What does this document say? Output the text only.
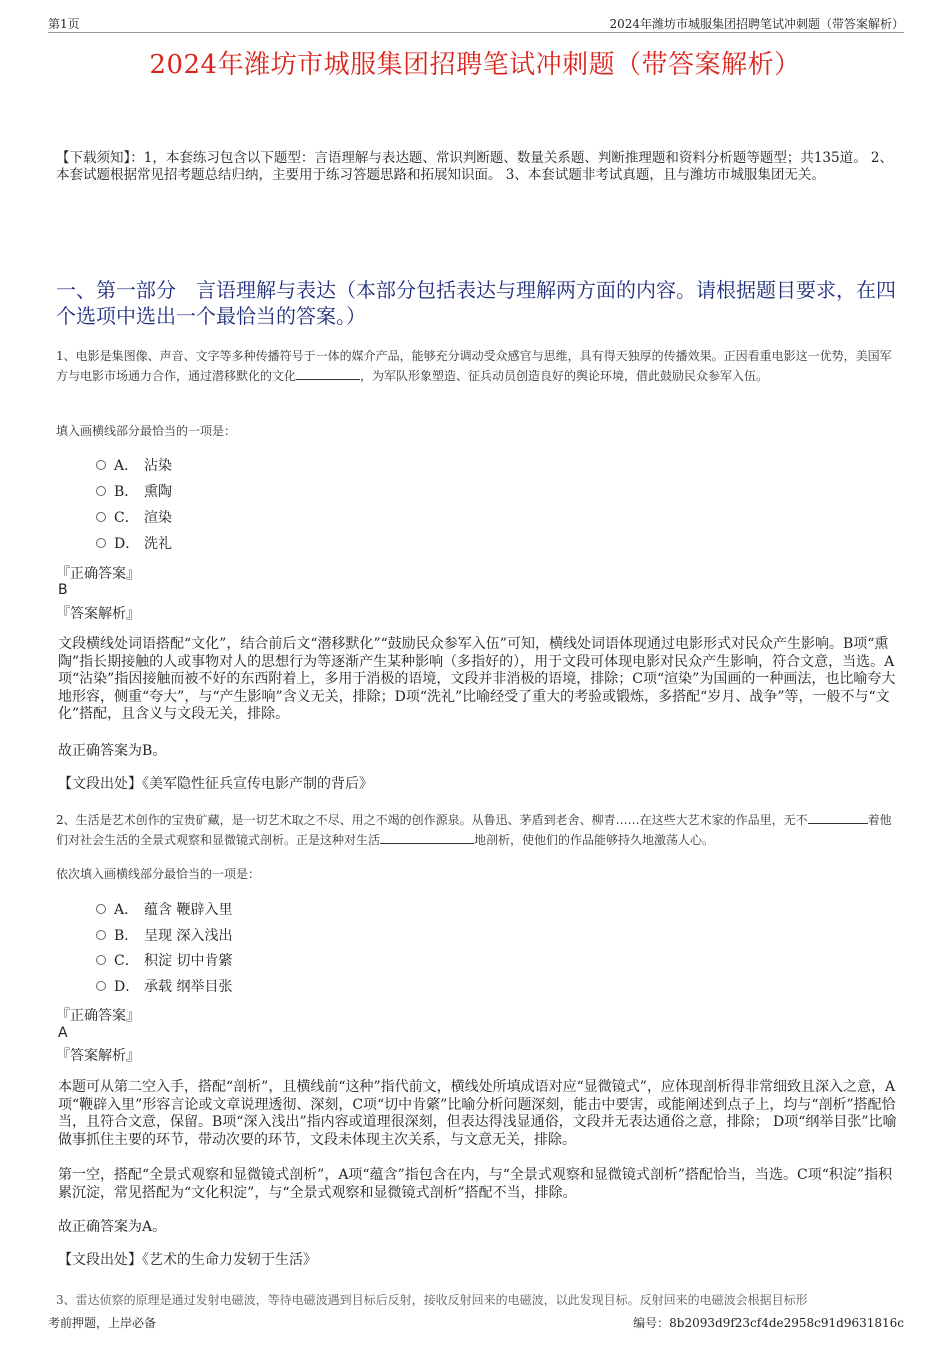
第1页	2024年潍坊市城服集团招聘笔试冲刺题（带答案解析）
2024年潍坊市城服集团招聘笔试冲刺题（带答案解析）
【下载须知】：1，本套练习包含以下题型：言语理解与表达题、常识判断题、数量关系题、判断推理题和资料分析题等题型；共135道。 2、本套试题根据常见招考题总结归纳，主要用于练习答题思路和拓展知识面。 3、本套试题非考试真题，且与潍坊市城服集团无关。
一、第一部分　言语理解与表达（本部分包括表达与理解两方面的内容。请根据题目要求，在四个选项中选出一个最恰当的答案。）
1、电影是集图像、声音、文字等多种传播符号于一体的媒介产品，能够充分调动受众感官与思维，具有得天独厚的传播效果。正因看重电影这一优势，美国军方与电影市场通力合作，通过潜移默化的文化	，为军队形象塑造、征兵动员创造良好的舆论环境，借此鼓励民众参军入伍。
填入画横线部分最恰当的一项是：
A． 沾染
B． 熏陶
C． 渲染
D． 洗礼
『正确答案』
B
『答案解析』
文段横线处词语搭配“文化”，结合前后文“潜移默化”“鼓励民众参军入伍”可知，横线处词语体现通过电影形式对民众产生影响。B项“熏陶”指长期接触的人或事物对人的思想行为等逐渐产生某种影响（多指好的），用于文段可体现电影对民众产生影响，符合文意，当选。A项“沾染”指因接触而被不好的东西附着上，多用于消极的语境，文段并非消极的语境，排除；C项“渲染”为国画的一种画法，也比喻夸大地形容，侧重“夸大”，与“产生影响”含义无关，排除；D项“洗礼”比喻经受了重大的考验或锻炼，多搭配“岁月、战争”等，一般不与“文化”搭配，且含义与文段无关，排除。
故正确答案为B。
【文段出处】《美军隐性征兵宣传电影产制的背后》
2、生活是艺术创作的宝贵矿藏，是一切艺术取之不尽、用之不竭的创作源泉。从鲁迅、茅盾到老舍、柳青……在这些大艺术家的作品里，无不	着他们对社会生活的全景式观察和显微镜式剖析。正是这种对生活	地剖析，使他们的作品能够持久地激荡人心。
依次填入画横线部分最恰当的一项是：
A． 蕴含 鞭辟入里
B． 呈现 深入浅出
C． 积淀 切中肯綮
D． 承载 纲举目张
『正确答案』
A
『答案解析』
本题可从第二空入手，搭配“剖析”，且横线前“这种”指代前文，横线处所填成语对应“显微镜式”，应体现剖析得非常细致且深入之意，A项“鞭辟入里”形容言论或文章说理透彻、深刻，C项“切中肯綮”比喻分析问题深刻，能击中要害，或能阐述到点子上，均与“剖析”搭配恰当，且符合文意，保留。B项“深入浅出”指内容或道理很深刻，但表达得浅显通俗，文段并无表达通俗之意，排除； D项“纲举目张”比喻做事抓住主要的环节，带动次要的环节，文段未体现主次关系，与文意无关，排除。
第一空，搭配“全景式观察和显微镜式剖析”，A项“蕴含”指包含在内，与“全景式观察和显微镜式剖析”搭配恰当，当选。C项“积淀”指积累沉淀，常见搭配为“文化积淀”，与“全景式观察和显微镜式剖析”搭配不当，排除。
故正确答案为A。
【文段出处】《艺术的生命力发轫于生活》
3、雷达侦察的原理是通过发射电磁波，等待电磁波遇到目标后反射，接收反射回来的电磁波，以此发现目标。反射回来的电磁波会根据目标形
考前押题，上岸必备	编号：8b2093d9f23cf4de2958c91d9631816c
